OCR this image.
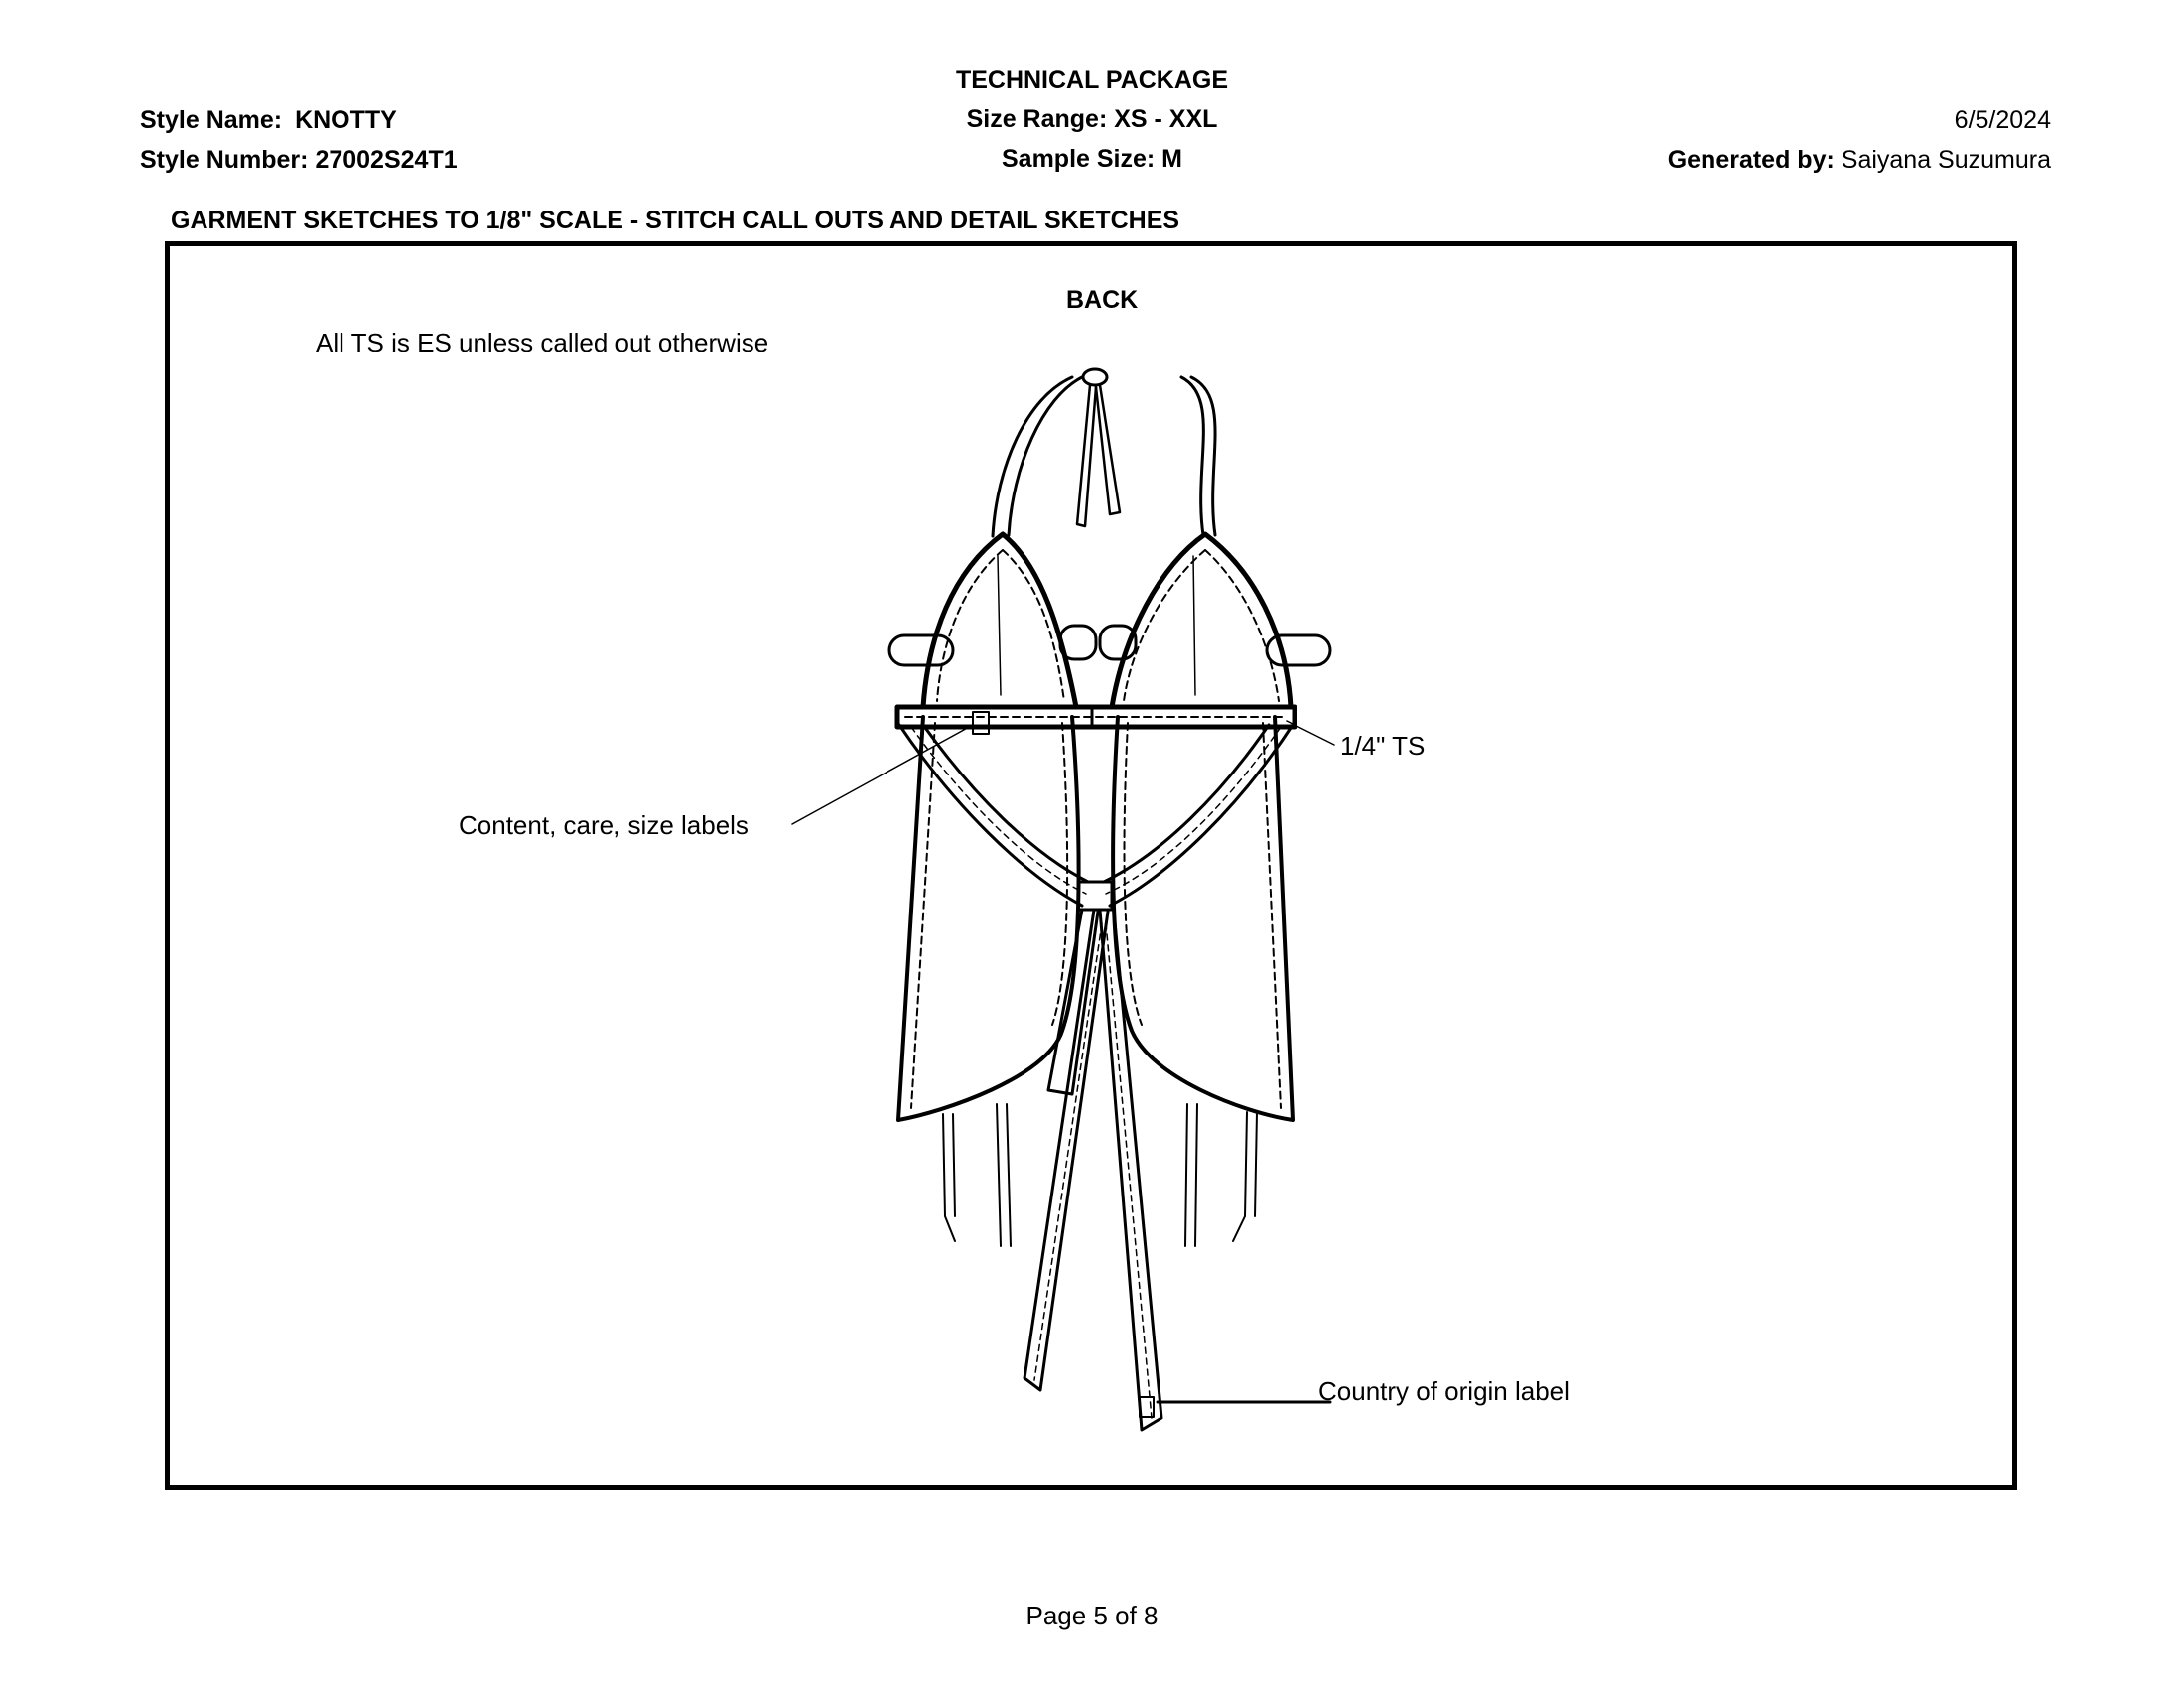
TECHNICAL PACKAGE
Size Range: XS - XXL
Sample Size: M
Style Name: KNOTTY
Style Number: 27002S24T1
6/5/2024
Generated by: Saiyana Suzumura
GARMENT SKETCHES TO 1/8" SCALE - STITCH CALL OUTS AND DETAIL SKETCHES
BACK
All TS is ES unless called out otherwise
1/4" TS
Content, care, size labels
Country of origin label
Page 5 of 8
